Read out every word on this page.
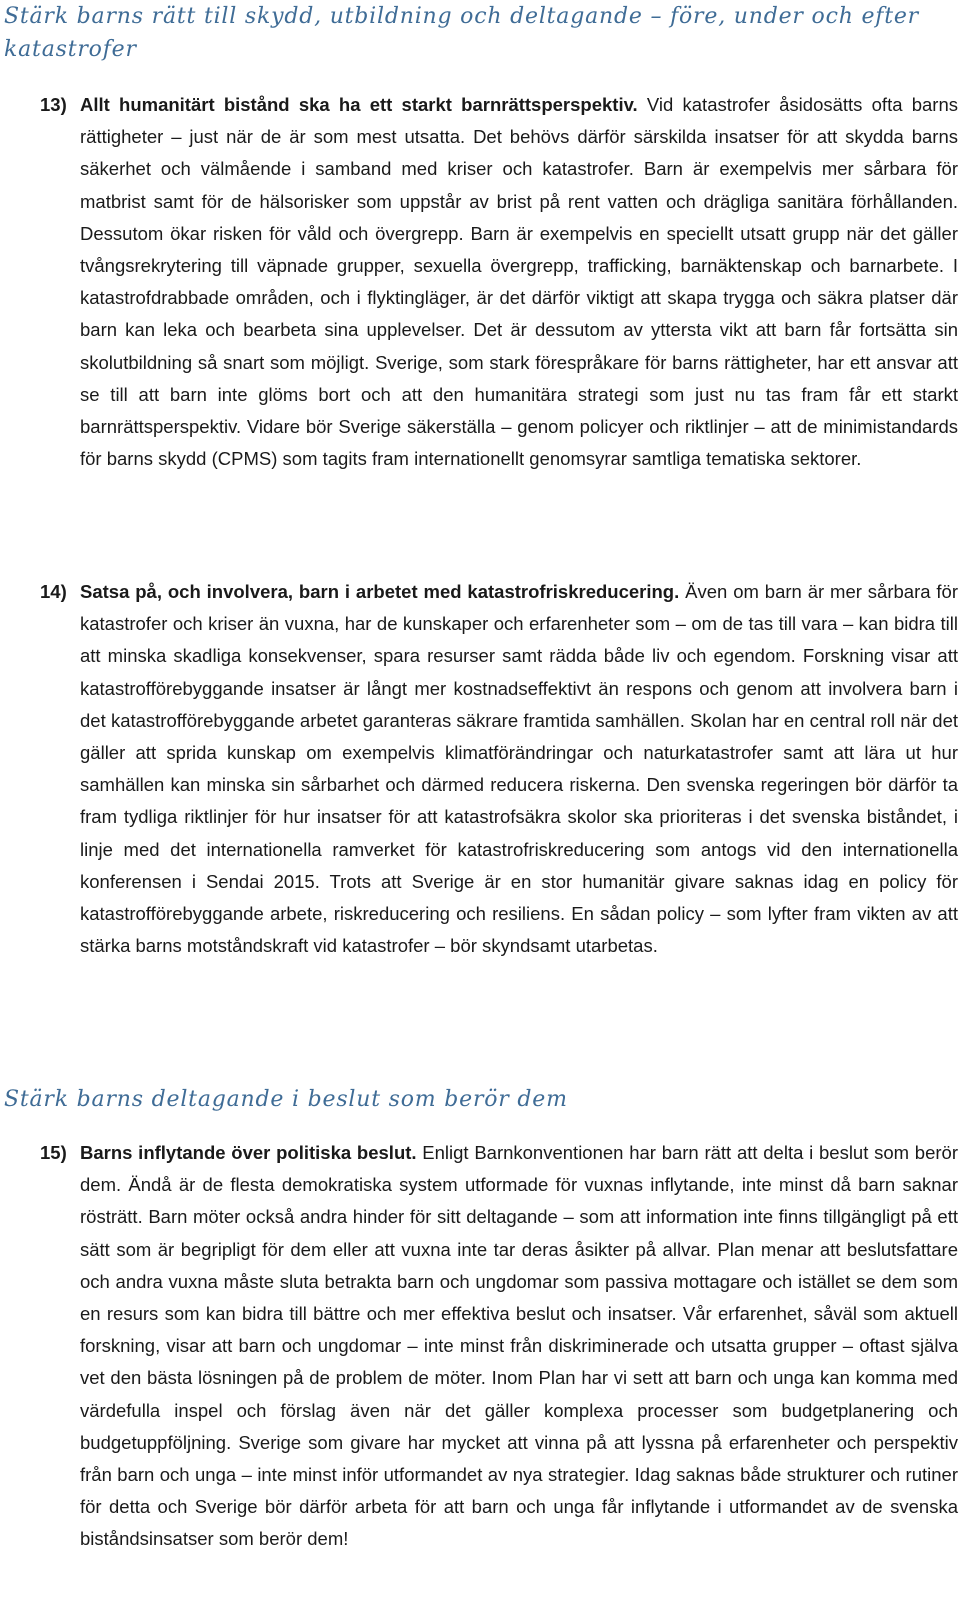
Stärk barns rätt till skydd, utbildning och deltagande – före, under och efter katastrofer

13) Allt humanitärt bistånd ska ha ett starkt barnrättsperspektiv. Vid katastrofer åsidosätts ofta barns rättigheter – just när de är som mest utsatta. Det behövs därför särskilda insatser för att skydda barns säkerhet och välmående i samband med kriser och katastrofer. Barn är exempelvis mer sårbara för matbrist samt för de hälsorisker som uppstår av brist på rent vatten och drägliga sanitära förhållanden. Dessutom ökar risken för våld och övergrepp. Barn är exempelvis en speciellt utsatt grupp när det gäller tvångsrekrytering till väpnade grupper, sexuella övergrepp, trafficking, barnäktenskap och barnarbete. I katastrofdrabbade områden, och i flyktingläger, är det därför viktigt att skapa trygga och säkra platser där barn kan leka och bearbeta sina upplevelser. Det är dessutom av yttersta vikt att barn får fortsätta sin skolutbildning så snart som möjligt. Sverige, som stark förespråkare för barns rättigheter, har ett ansvar att se till att barn inte glöms bort och att den humanitära strategi som just nu tas fram får ett starkt barnrättsperspektiv. Vidare bör Sverige säkerställa – genom policyer och riktlinjer – att de minimistandards för barns skydd (CPMS) som tagits fram internationellt genomsyrar samtliga tematiska sektorer.

14) Satsa på, och involvera, barn i arbetet med katastrofriskreducering. Även om barn är mer sårbara för katastrofer och kriser än vuxna, har de kunskaper och erfarenheter som – om de tas till vara – kan bidra till att minska skadliga konsekvenser, spara resurser samt rädda både liv och egendom. Forskning visar att katastrofförebyggande insatser är långt mer kostnadseffektivt än respons och genom att involvera barn i det katastrofförebyggande arbetet garanteras säkrare framtida samhällen. Skolan har en central roll när det gäller att sprida kunskap om exempelvis klimatförändringar och naturkatastrofer samt att lära ut hur samhällen kan minska sin sårbarhet och därmed reducera riskerna. Den svenska regeringen bör därför ta fram tydliga riktlinjer för hur insatser för att katastrofsäkra skolor ska prioriteras i det svenska biståndet, i linje med det internationella ramverket för katastrofriskreducering som antogs vid den internationella konferensen i Sendai 2015. Trots att Sverige är en stor humanitär givare saknas idag en policy för katastrofförebyggande arbete, riskreducering och resiliens. En sådan policy – som lyfter fram vikten av att stärka barns motståndskraft vid katastrofer – bör skyndsamt utarbetas.

Stärk barns deltagande i beslut som berör dem

15) Barns inflytande över politiska beslut. Enligt Barnkonventionen har barn rätt att delta i beslut som berör dem. Ändå är de flesta demokratiska system utformade för vuxnas inflytande, inte minst då barn saknar rösträtt. Barn möter också andra hinder för sitt deltagande – som att information inte finns tillgängligt på ett sätt som är begripligt för dem eller att vuxna inte tar deras åsikter på allvar. Plan menar att beslutsfattare och andra vuxna måste sluta betrakta barn och ungdomar som passiva mottagare och istället se dem som en resurs som kan bidra till bättre och mer effektiva beslut och insatser. Vår erfarenhet, såväl som aktuell forskning, visar att barn och ungdomar – inte minst från diskriminerade och utsatta grupper – oftast själva vet den bästa lösningen på de problem de möter. Inom Plan har vi sett att barn och unga kan komma med värdefulla inspel och förslag även när det gäller komplexa processer som budgetplanering och budgetuppföljning. Sverige som givare har mycket att vinna på att lyssna på erfarenheter och perspektiv från barn och unga – inte minst inför utformandet av nya strategier. Idag saknas både strukturer och rutiner för detta och Sverige bör därför arbeta för att barn och unga får inflytande i utformandet av de svenska biståndsinsatser som berör dem!
